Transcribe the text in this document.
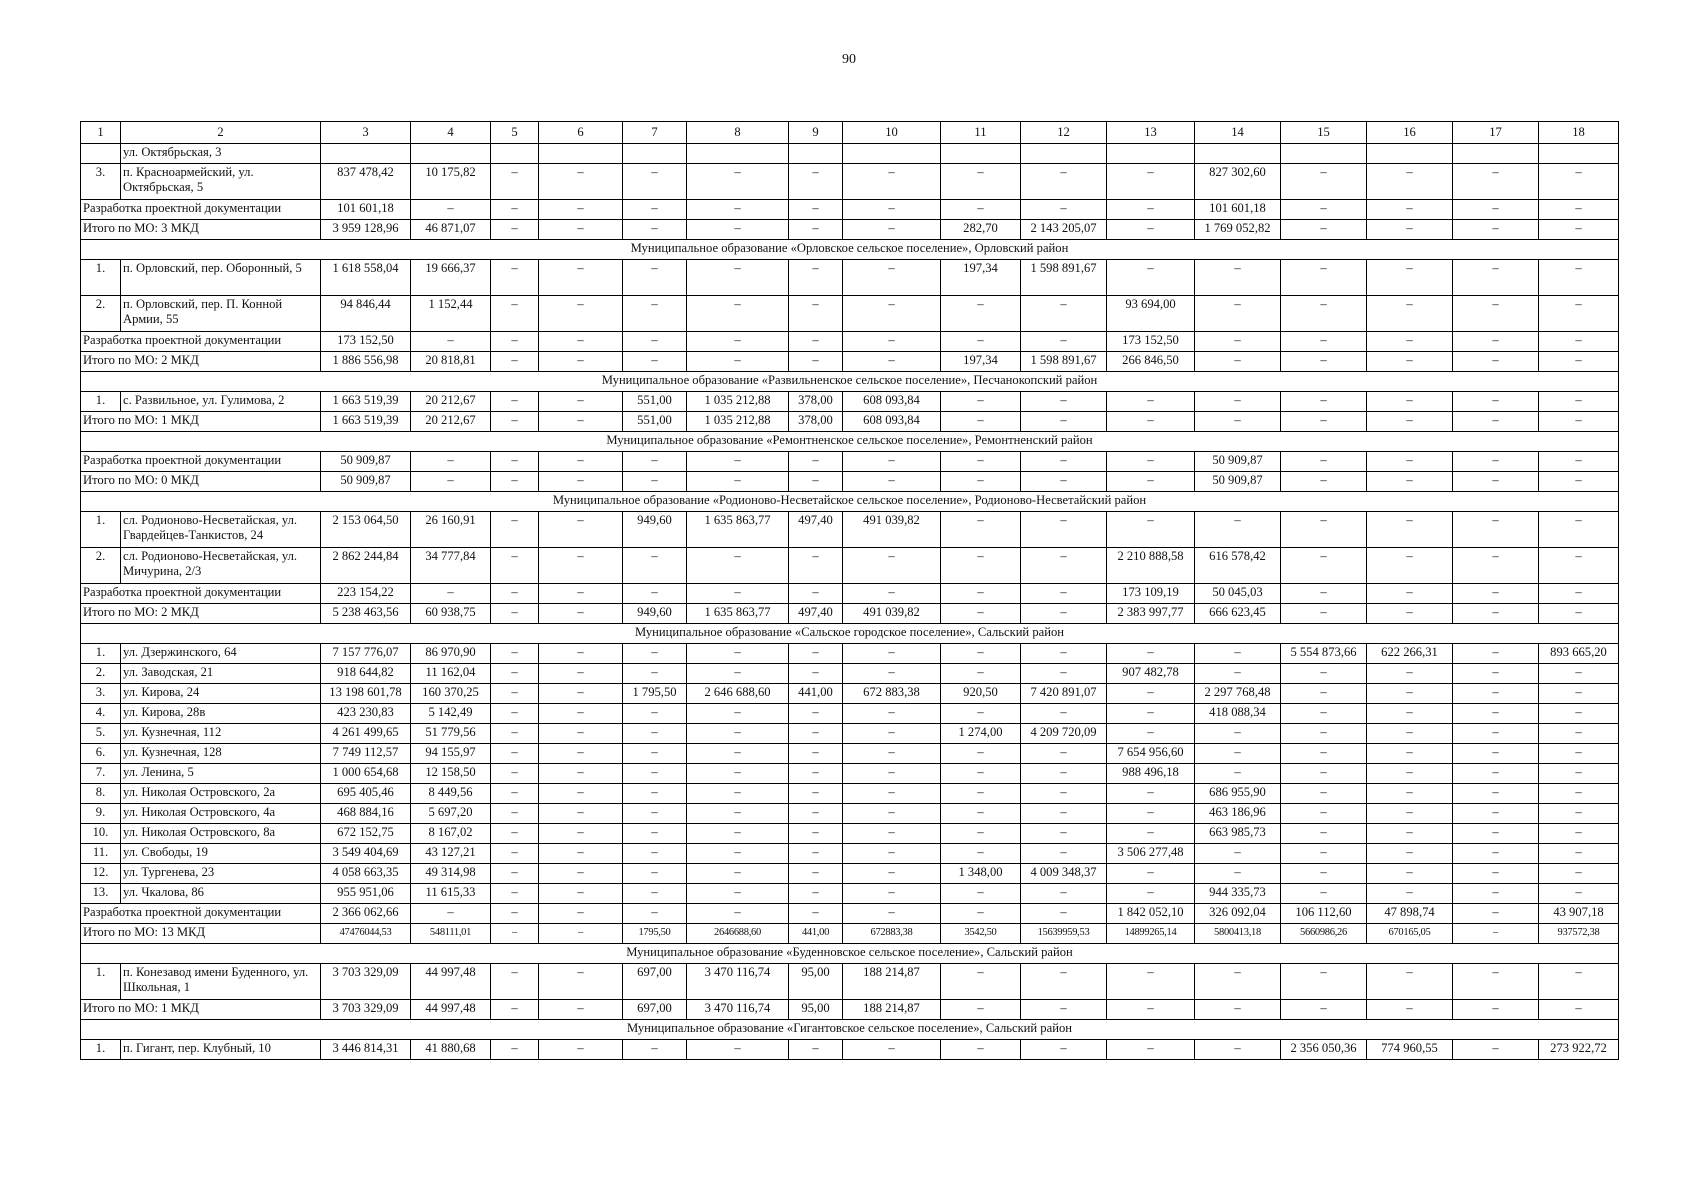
90
1	2	3	4	5	6	7	8	9	10	11	12	13	14	15	16	17	18
	ул. Октябрьская, 3																
3.	п. Красноармейский, ул. Октябрьская, 5	837 478,42	10 175,82	–	–	–	–	–	–	–	–	–	827 302,60	–	–	–	–
Разработка проектной документации		101 601,18	–	–	–	–	–	–	–	–	–	–	101 601,18	–	–	–	–
Итого по МО: 3 МКД		3 959 128,96	46 871,07	–	–	–	–	–	–	282,70	2 143 205,07	–	1 769 052,82	–	–	–	–
Муниципальное образование «Орловское сельское поселение», Орловский район																	
1.	п. Орловский, пер. Оборонный, 5	1 618 558,04	19 666,37	–	–	–	–	–	–	197,34	1 598 891,67	–	–	–	–	–	–
2.	п. Орловский, пер. П. Конной Армии, 55	94 846,44	1 152,44	–	–	–	–	–	–	–	–	93 694,00	–	–	–	–	–
Разработка проектной документации		173 152,50	–	–	–	–	–	–	–	–	–	173 152,50	–	–	–	–	–
Итого по МО: 2 МКД		1 886 556,98	20 818,81	–	–	–	–	–	–	197,34	1 598 891,67	266 846,50	–	–	–	–	–
Муниципальное образование «Развильненское сельское поселение», Песчанокопский район																	
1.	с. Развильное, ул. Гулимова, 2	1 663 519,39	20 212,67	–	–	551,00	1 035 212,88	378,00	608 093,84	–	–	–	–	–	–	–	–
Итого по МО: 1 МКД		1 663 519,39	20 212,67	–	–	551,00	1 035 212,88	378,00	608 093,84	–	–	–	–	–	–	–	–
Муниципальное образование «Ремонтненское сельское поселение», Ремонтненский район																	
Разработка проектной документации		50 909,87	–	–	–	–	–	–	–	–	–	–	50 909,87	–	–	–	–
Итого по МО: 0 МКД		50 909,87	–	–	–	–	–	–	–	–	–	–	50 909,87	–	–	–	–
Муниципальное образование «Родионово-Несветайское сельское поселение», Родионово-Несветайский район																	
1.	сл. Родионово-Несветайская, ул. Гвардейцев-Танкистов, 24	2 153 064,50	26 160,91	–	–	949,60	1 635 863,77	497,40	491 039,82	–	–	–	–	–	–	–	–
2.	сл. Родионово-Несветайская, ул. Мичурина, 2/3	2 862 244,84	34 777,84	–	–	–	–	–	–	–	–	2 210 888,58	616 578,42	–	–	–	–
Разработка проектной документации		223 154,22	–	–	–	–	–	–	–	–	–	173 109,19	50 045,03	–	–	–	–
Итого по МО: 2 МКД		5 238 463,56	60 938,75	–	–	949,60	1 635 863,77	497,40	491 039,82	–	–	2 383 997,77	666 623,45	–	–	–	–
Муниципальное образование «Сальское городское поселение», Сальский район																	
1.	ул. Дзержинского, 64	7 157 776,07	86 970,90	–	–	–	–	–	–	–	–	–	–	5 554 873,66	622 266,31	–	893 665,20
2.	ул. Заводская, 21	918 644,82	11 162,04	–	–	–	–	–	–	–	–	907 482,78	–	–	–	–	–
3.	ул. Кирова, 24	13 198 601,78	160 370,25	–	–	1 795,50	2 646 688,60	441,00	672 883,38	920,50	7 420 891,07	–	2 297 768,48	–	–	–	–
4.	ул. Кирова, 28в	423 230,83	5 142,49	–	–	–	–	–	–	–	–	–	418 088,34	–	–	–	–
5.	ул. Кузнечная, 112	4 261 499,65	51 779,56	–	–	–	–	–	–	1 274,00	4 209 720,09	–	–	–	–	–	–
6.	ул. Кузнечная, 128	7 749 112,57	94 155,97	–	–	–	–	–	–	–	–	7 654 956,60	–	–	–	–	–
7.	ул. Ленина, 5	1 000 654,68	12 158,50	–	–	–	–	–	–	–	–	988 496,18	–	–	–	–	–
8.	ул. Николая Островского, 2а	695 405,46	8 449,56	–	–	–	–	–	–	–	–	–	686 955,90	–	–	–	–
9.	ул. Николая Островского, 4а	468 884,16	5 697,20	–	–	–	–	–	–	–	–	–	463 186,96	–	–	–	–
10.	ул. Николая Островского, 8а	672 152,75	8 167,02	–	–	–	–	–	–	–	–	–	663 985,73	–	–	–	–
11.	ул. Свободы, 19	3 549 404,69	43 127,21	–	–	–	–	–	–	–	–	3 506 277,48	–	–	–	–	–
12.	ул. Тургенева, 23	4 058 663,35	49 314,98	–	–	–	–	–	–	1 348,00	4 009 348,37	–	–	–	–	–	–
13.	ул. Чкалова, 86	955 951,06	11 615,33	–	–	–	–	–	–	–	–	–	944 335,73	–	–	–	–
Разработка проектной документации		2 366 062,66	–	–	–	–	–	–	–	–	–	1 842 052,10	326 092,04	106 112,60	47 898,74	–	43 907,18
Итого по МО: 13 МКД		47476044,53	548111,01	–	–	1795,50	2646688,60	441,00	672883,38	3542,50	15639959,53	14899265,14	5800413,18	5660986,26	670165,05	–	937572,38
Муниципальное образование «Буденновское сельское поселение», Сальский район																	
1.	п. Конезавод имени Буденного, ул. Школьная, 1	3 703 329,09	44 997,48	–	–	697,00	3 470 116,74	95,00	188 214,87	–	–	–	–	–	–	–	–
Итого по МО: 1 МКД		3 703 329,09	44 997,48	–	–	697,00	3 470 116,74	95,00	188 214,87	–	–	–	–	–	–	–	–
Муниципальное образование «Гигантовское сельское поселение», Сальский район																	
1.	п. Гигант, пер. Клубный, 10	3 446 814,31	41 880,68	–	–	–	–	–	–	–	–	–	–	2 356 050,36	774 960,55	–	273 922,72
